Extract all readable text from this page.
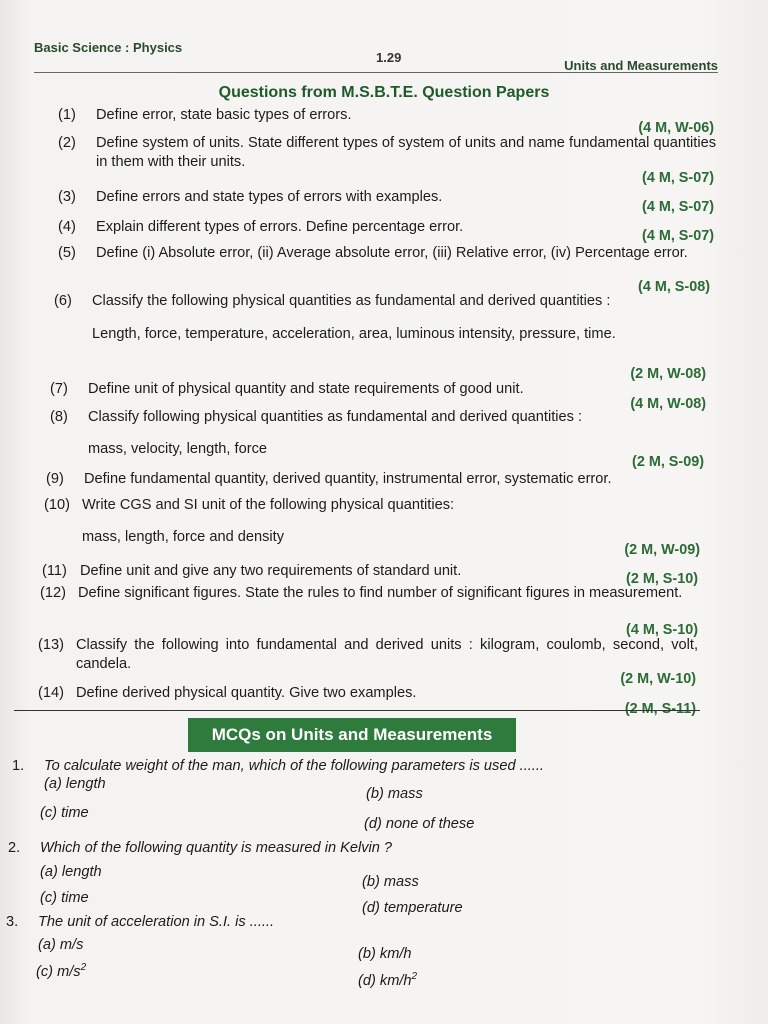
Basic Science : Physics
1.29
Units and Measurements
Questions from M.S.B.T.E. Question Papers
(1) Define error, state basic types of errors.
(4 M, W-06)
(2) Define system of units. State different types of system of units and name fundamental quantities in them with their units.
(4 M, S-07)
(3) Define errors and state types of errors with examples.
(4 M, S-07)
(4) Explain different types of errors. Define percentage error.
(4 M, S-07)
(5) Define (i) Absolute error, (ii) Average absolute error, (iii) Relative error, (iv) Percentage error.
(4 M, S-08)
(6) Classify the following physical quantities as fundamental and derived quantities :
Length, force, temperature, acceleration, area, luminous intensity, pressure, time.
(2 M, W-08)
(7) Define unit of physical quantity and state requirements of good unit.
(4 M, W-08)
(8) Classify following physical quantities as fundamental and derived quantities :
mass, velocity, length, force
(2 M, S-09)
(9) Define fundamental quantity, derived quantity, instrumental error, systematic error.
(10) Write CGS and SI unit of the following physical quantities:
mass, length, force and density
(2 M, W-09)
(11) Define unit and give any two requirements of standard unit.	(2 M, S-10)
(12) Define significant figures. State the rules to find number of significant figures in measurement.
(4 M, S-10)
(13) Classify the following into fundamental and derived units : kilogram, coulomb, second, volt, candela.
(2 M, W-10)
(14) Define derived physical quantity. Give two examples.
(2 M, S-11)
MCQs on Units and Measurements
1. To calculate weight of the man, which of the following parameters is used ......
(a) length
(b) mass
(c) time
(d) none of these
2. Which of the following quantity is measured in Kelvin ?
(a) length
(b) mass
(c) time
(d) temperature
3. The unit of acceleration in S.I. is ......
(a) m/s
(b) km/h
(c) $m/s^2$
(d) $km/h^2$
